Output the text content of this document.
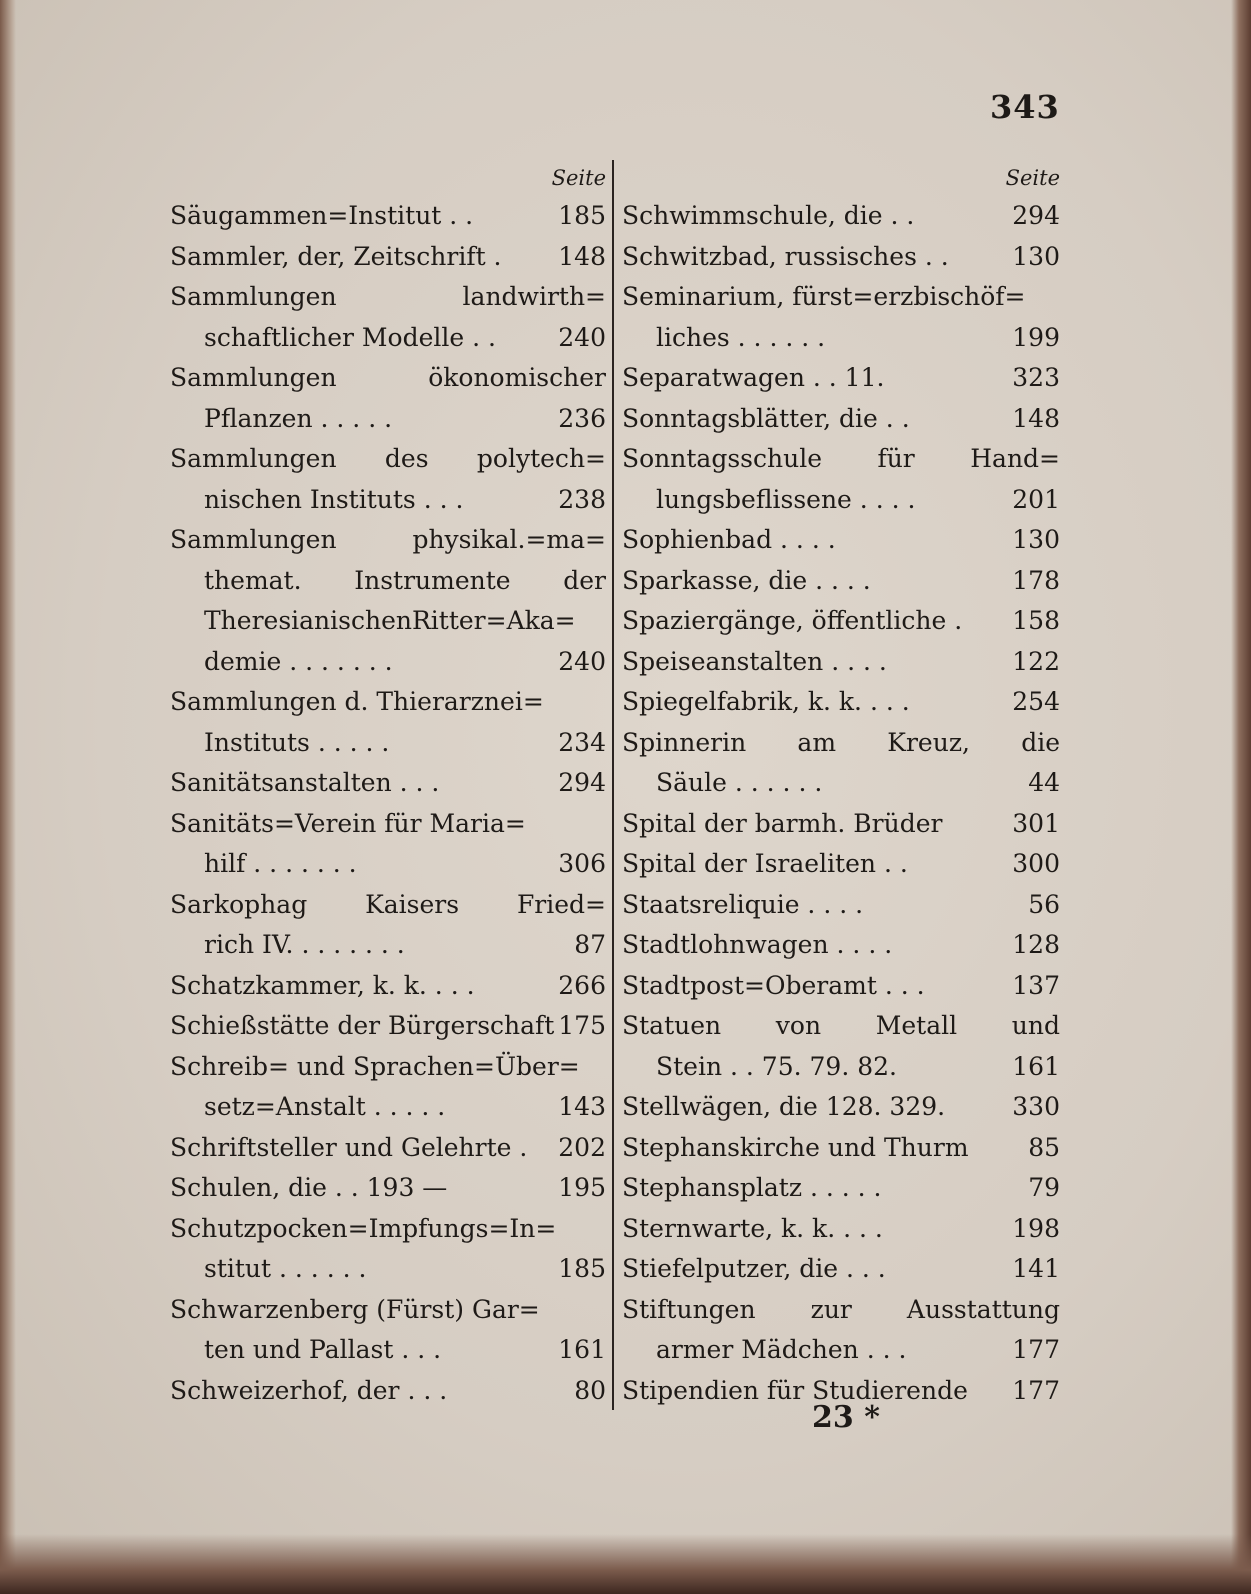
343
Seite
Säugammen=Institut . .	185
Sammler, der, Zeitschrift . 148
Sammlungen landwirth=
schaftlicher Modelle . . 240
Sammlungen ökonomischer
Pflanzen . . . . .	236
Sammlungen des polytech=
nischen Instituts . . .	238
Sammlungen physikal.=ma=
themat. Instrumente der
TheresianischenRitter=Aka=
demie . . . . . . .	240
Sammlungen d. Thierarznei=
Instituts . . . . .	234
Sanitätsanstalten . . .	294
Sanitäts=Verein für Maria=
hilf . . . . . . .	306
Sarkophag Kaisers Fried=
rich IV. . . . . . . .	87
Schatzkammer, k. k. . . .	266
Schießstätte der Bürgerschaft 175
Schreib= und Sprachen=Über=
setz=Anstalt . . . . .	143
Schriftsteller und Gelehrte . 202
Schulen, die . . 193 —	195
Schutzpocken=Impfungs=In=
stitut . . . . . .	185
Schwarzenberg (Fürst) Gar=
ten und Pallast . . .	161
Schweizerhof, der . . .	80
Seite
Schwimmschule, die . .	294
Schwitzbad, russisches . .	130
Seminarium, fürst=erzbischöf=
liches . . . . . .	199
Separatwagen . . 11.	323
Sonntagsblätter, die . .	148
Sonntagsschule für Hand=
lungsbeflissene . . . .	201
Sophienbad . . . .	130
Sparkasse, die . . . .	178
Spaziergänge, öffentliche . 158
Speiseanstalten . . . .	122
Spiegelfabrik, k. k. . . .	254
Spinnerin am Kreuz, die
Säule . . . . . .	44
Spital der barmh. Brüder	301
Spital der Israeliten . .	300
Staatsreliquie . . . .	56
Stadtlohnwagen . . . .	128
Stadtpost=Oberamt . . .	137
Statuen von Metall und
Stein . . 75. 79. 82.	161
Stellwägen, die 128. 329.	330
Stephanskirche und Thurm 85
Stephansplatz . . . . .	79
Sternwarte, k. k. . . .	198
Stiefelputzer, die . . .	141
Stiftungen zur Ausstattung
armer Mädchen . . .	177
Stipendien für Studierende 177
23 *
